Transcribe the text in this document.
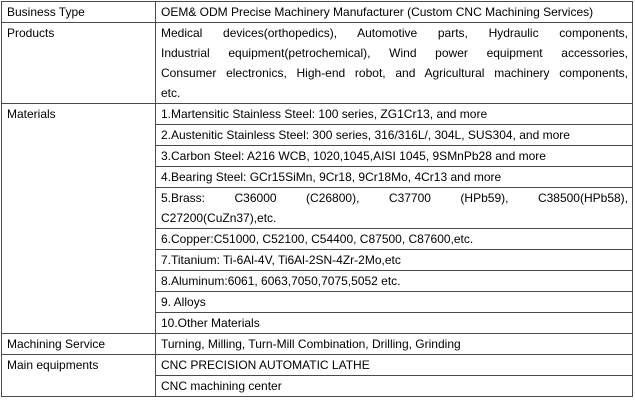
Business Type	OEM& ODM Precise Machinery Manufacturer (Custom CNC Machining Services)
Products	Medical devices(orthopedics), Automotive parts, Hydraulic components,
Industrial equipment(petrochemical), Wind power equipment accessories,
Consumer electronics, High-end robot, and Agricultural machinery components,
etc.

Materials	1.Martensitic Stainless Steel: 100 series, ZG1Cr13, and more
	2.Austenitic Stainless Steel: 300 series, 316/316L/, 304L, SUS304, and more
	3.Carbon Steel: A216 WCB, 1020,1045,AISI 1045, 9SMnPb28 and more
	4.Bearing Steel: GCr15SiMn, 9Cr18, 9Cr18Mo, 4Cr13 and more

	5.Brass: C36000 (C26800), C37700 (HPb59), C38500(HPb58),
C27200(CuZn37),etc.

	6.Copper:C51000, C52100, C54400, C87500, C87600,etc.
	7.Titanium: Ti-6Al-4V, Ti6Al-2SN-4Zr-2Mo,etc
	8.Aluminum:6061, 6063,7050,7075,5052 etc.
	9. Alloys
	10.Other Materials
Machining Service	Turning, Milling, Turn-Mill Combination, Drilling, Grinding
Main equipments	CNC PRECISION AUTOMATIC LATHE
	CNC machining center
